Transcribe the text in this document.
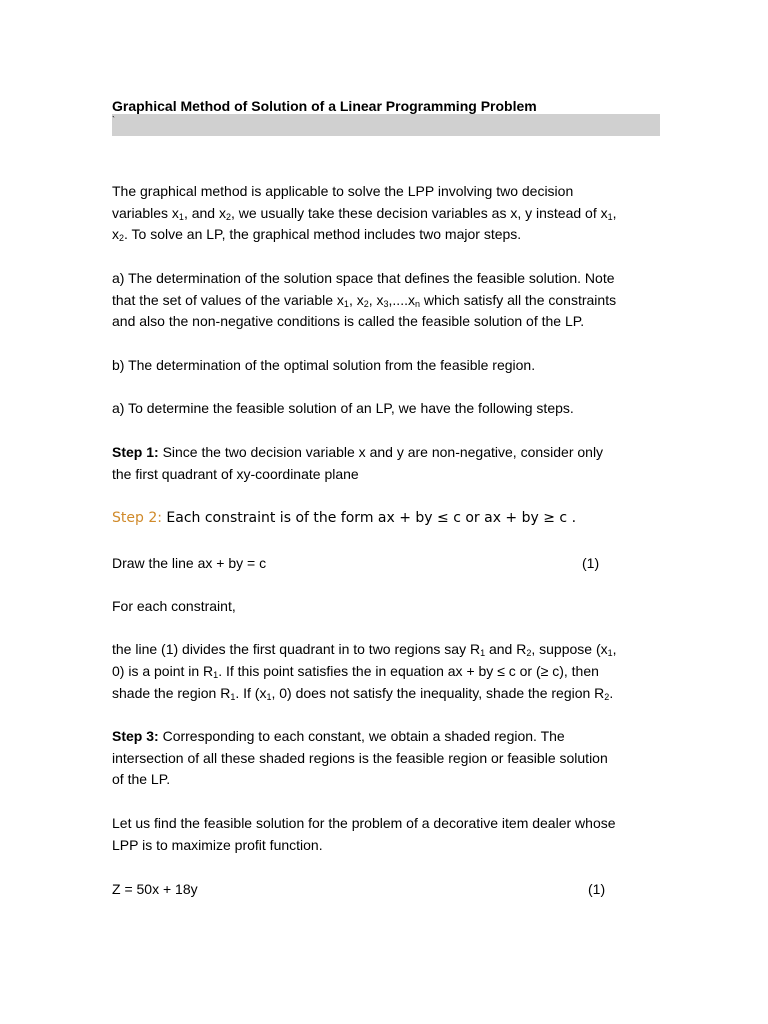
Graphical Method of Solution of a Linear Programming Problem
`

The graphical method is applicable to solve the LPP involving two decision
variables $x_1$, and $x_2$, we usually take these decision variables as x, y instead of $x_1$,
$x_2$. To solve an LP, the graphical method includes two major steps.

a) The determination of the solution space that defines the feasible solution. Note
that the set of values of the variable $x_1$, $x_2$, $x_3,....x_n$ which satisfy all the constraints
and also the non-negative conditions is called the feasible solution of the LP.

b) The determination of the optimal solution from the feasible region.

a) To determine the feasible solution of an LP, we have the following steps.

Step 1: Since the two decision variable x and y are non-negative, consider only
the first quadrant of xy-coordinate plane

Step 2: Each constraint is of the form ax + by ≤ c or ax + by ≥ c .

Draw the line ax + by = c	(1)

For each constraint,

the line (1) divides the first quadrant in to two regions say $R_1$ and $R_2$, suppose ($x_1$,
0) is a point in $R_1$. If this point satisfies the in equation ax + by ≤ c or (≥ c), then
shade the region $R_1$. If ($x_1$, 0) does not satisfy the inequality, shade the region $R_2$.

Step 3: Corresponding to each constant, we obtain a shaded region. The
intersection of all these shaded regions is the feasible region or feasible solution
of the LP.

Let us find the feasible solution for the problem of a decorative item dealer whose
LPP is to maximize profit function.

Z = 50x + 18y	(1)
